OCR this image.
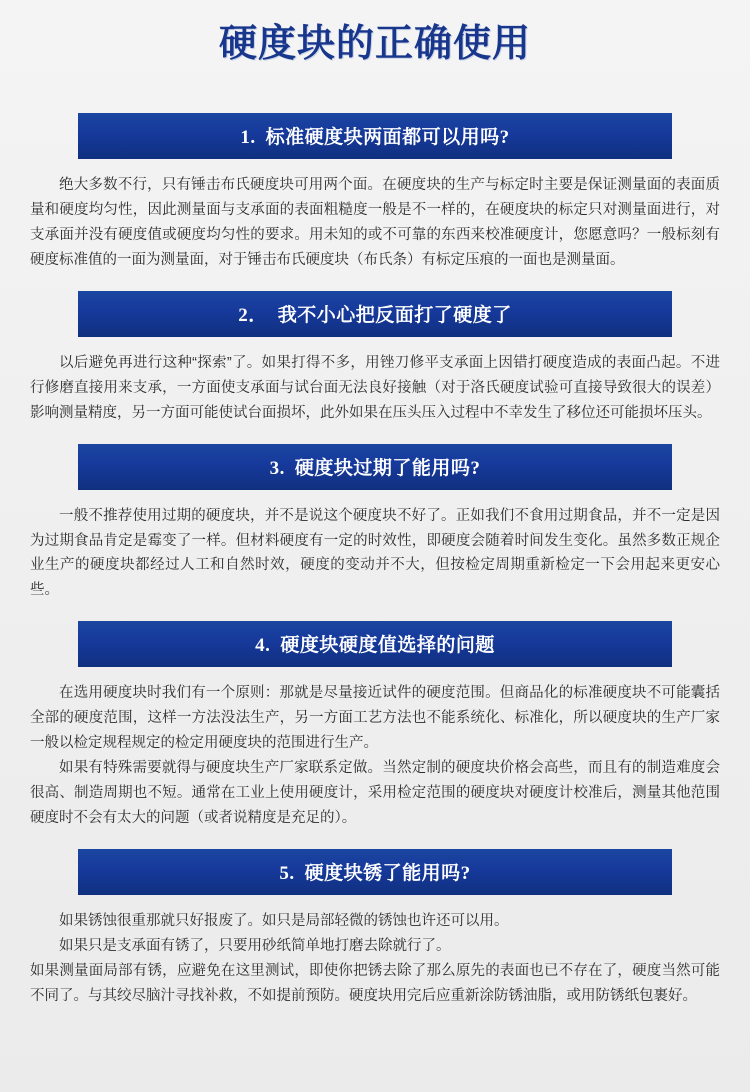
硬度块的正确使用
1. 标准硬度块两面都可以用吗?

绝大多数不行，只有锤击布氏硬度块可用两个面。在硬度块的生产与标定时主要是保证测量面的表面质量和硬度均匀性，因此测量面与支承面的表面粗糙度一般是不一样的，在硬度块的标定只对测量面进行，对支承面并没有硬度值或硬度均匀性的要求。用未知的或不可靠的东西来校准硬度计，您愿意吗？一般标刻有硬度标准值的一面为测量面，对于锤击布氏硬度块（布氏条）有标定压痕的一面也是测量面。

2． 我不小心把反面打了硬度了

以后避免再进行这种“探索”了。如果打得不多，用锉刀修平支承面上因错打硬度造成的表面凸起。不进行修磨直接用来支承，一方面使支承面与试台面无法良好接触（对于洛氏硬度试验可直接导致很大的误差）影响测量精度，另一方面可能使试台面损坏，此外如果在压头压入过程中不幸发生了移位还可能损坏压头。

3. 硬度块过期了能用吗?

一般不推荐使用过期的硬度块，并不是说这个硬度块不好了。正如我们不食用过期食品，并不一定是因为过期食品肯定是霉变了一样。但材料硬度有一定的时效性，即硬度会随着时间发生变化。虽然多数正规企业生产的硬度块都经过人工和自然时效，硬度的变动并不大，但按检定周期重新检定一下会用起来更安心些。

4. 硬度块硬度值选择的问题

在选用硬度块时我们有一个原则：那就是尽量接近试件的硬度范围。但商品化的标准硬度块不可能囊括全部的硬度范围，这样一方法没法生产，另一方面工艺方法也不能系统化、标准化，所以硬度块的生产厂家一般以检定规程规定的检定用硬度块的范围进行生产。

如果有特殊需要就得与硬度块生产厂家联系定做。当然定制的硬度块价格会高些，而且有的制造难度会很高、制造周期也不短。通常在工业上使用硬度计，采用检定范围的硬度块对硬度计校准后，测量其他范围硬度时不会有太大的问题（或者说精度是充足的）。

5. 硬度块锈了能用吗?

如果锈蚀很重那就只好报废了。如只是局部轻微的锈蚀也许还可以用。

如果只是支承面有锈了，只要用砂纸简单地打磨去除就行了。

如果测量面局部有锈，应避免在这里测试，即使你把锈去除了那么原先的表面也已不存在了，硬度当然可能不同了。与其绞尽脑汁寻找补救，不如提前预防。硬度块用完后应重新涂防锈油脂，或用防锈纸包裹好。
